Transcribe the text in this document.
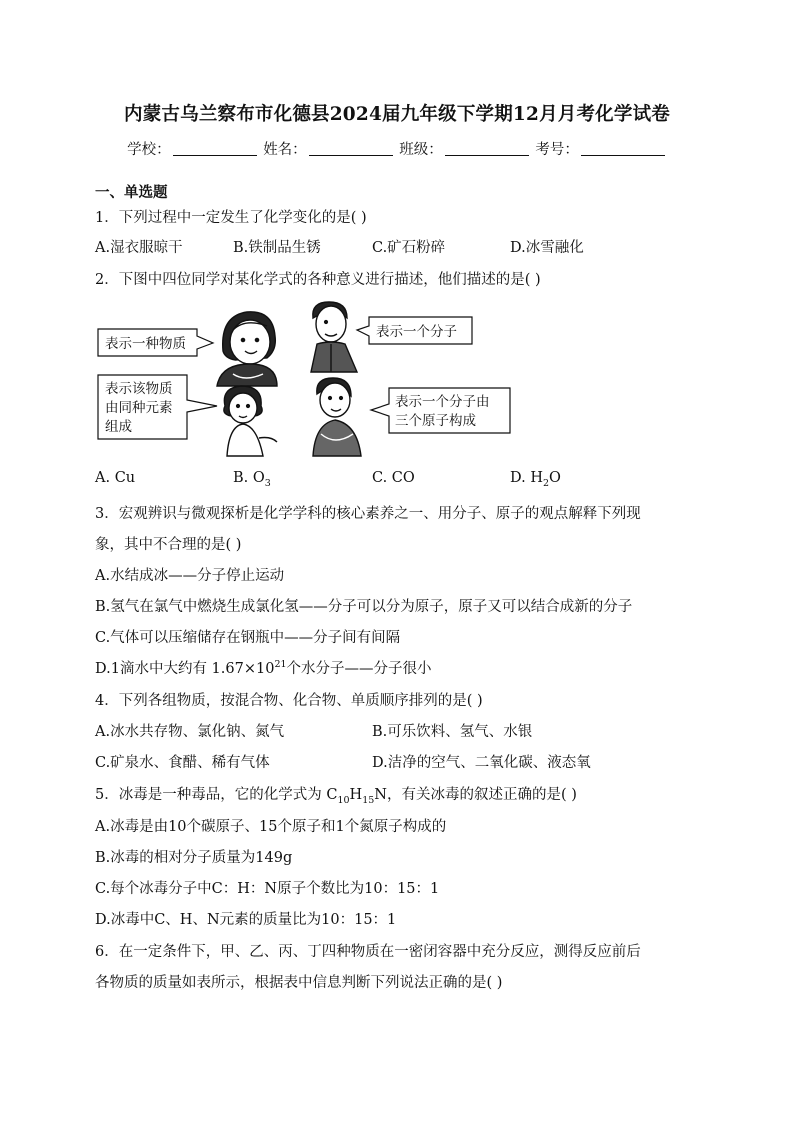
内蒙古乌兰察布市化德县2024届九年级下学期12月月考化学试卷
学校：	姓名：	班级：	考号：
一、单选题
1．下列过程中一定发生了化学变化的是( )
A.湿衣服晾干	B.铁制品生锈	C.矿石粉碎	D.冰雪融化
2．下图中四位同学对某化学式的各种意义进行描述，他们描述的是( )
表示一种物质
表示一个分子
表示该物质
由同种元素
组成
表示一个分子由
三个原子构成
A. Cu	B. $O_3$	C. CO	D. $H_2O$
3．宏观辨识与微观探析是化学学科的核心素养之一、用分子、原子的观点解释下列现
象，其中不合理的是( )
A.水结成冰——分子停止运动
B.氢气在氯气中燃烧生成氯化氢——分子可以分为原子，原子又可以结合成新的分子
C.气体可以压缩储存在钢瓶中——分子间有间隔
D.1滴水中大约有 $1.67\times 10^{21}$个水分子——分子很小
4．下列各组物质，按混合物、化合物、单质顺序排列的是( )
A.冰水共存物、氯化钠、氮气	B.可乐饮料、氢气、水银
C.矿泉水、食醋、稀有气体	D.洁净的空气、二氧化碳、液态氧
5．冰毒是一种毒品，它的化学式为 $C_{10}H_{15}N$，有关冰毒的叙述正确的是( )
A.冰毒是由10个碳原子、15个原子和1个氮原子构成的
B.冰毒的相对分子质量为149g
C.每个冰毒分子中C：H：N原子个数比为10：15：1
D.冰毒中C、H、N元素的质量比为10：15：1
6．在一定条件下，甲、乙、丙、丁四种物质在一密闭容器中充分反应，测得反应前后
各物质的质量如表所示，根据表中信息判断下列说法正确的是( )
